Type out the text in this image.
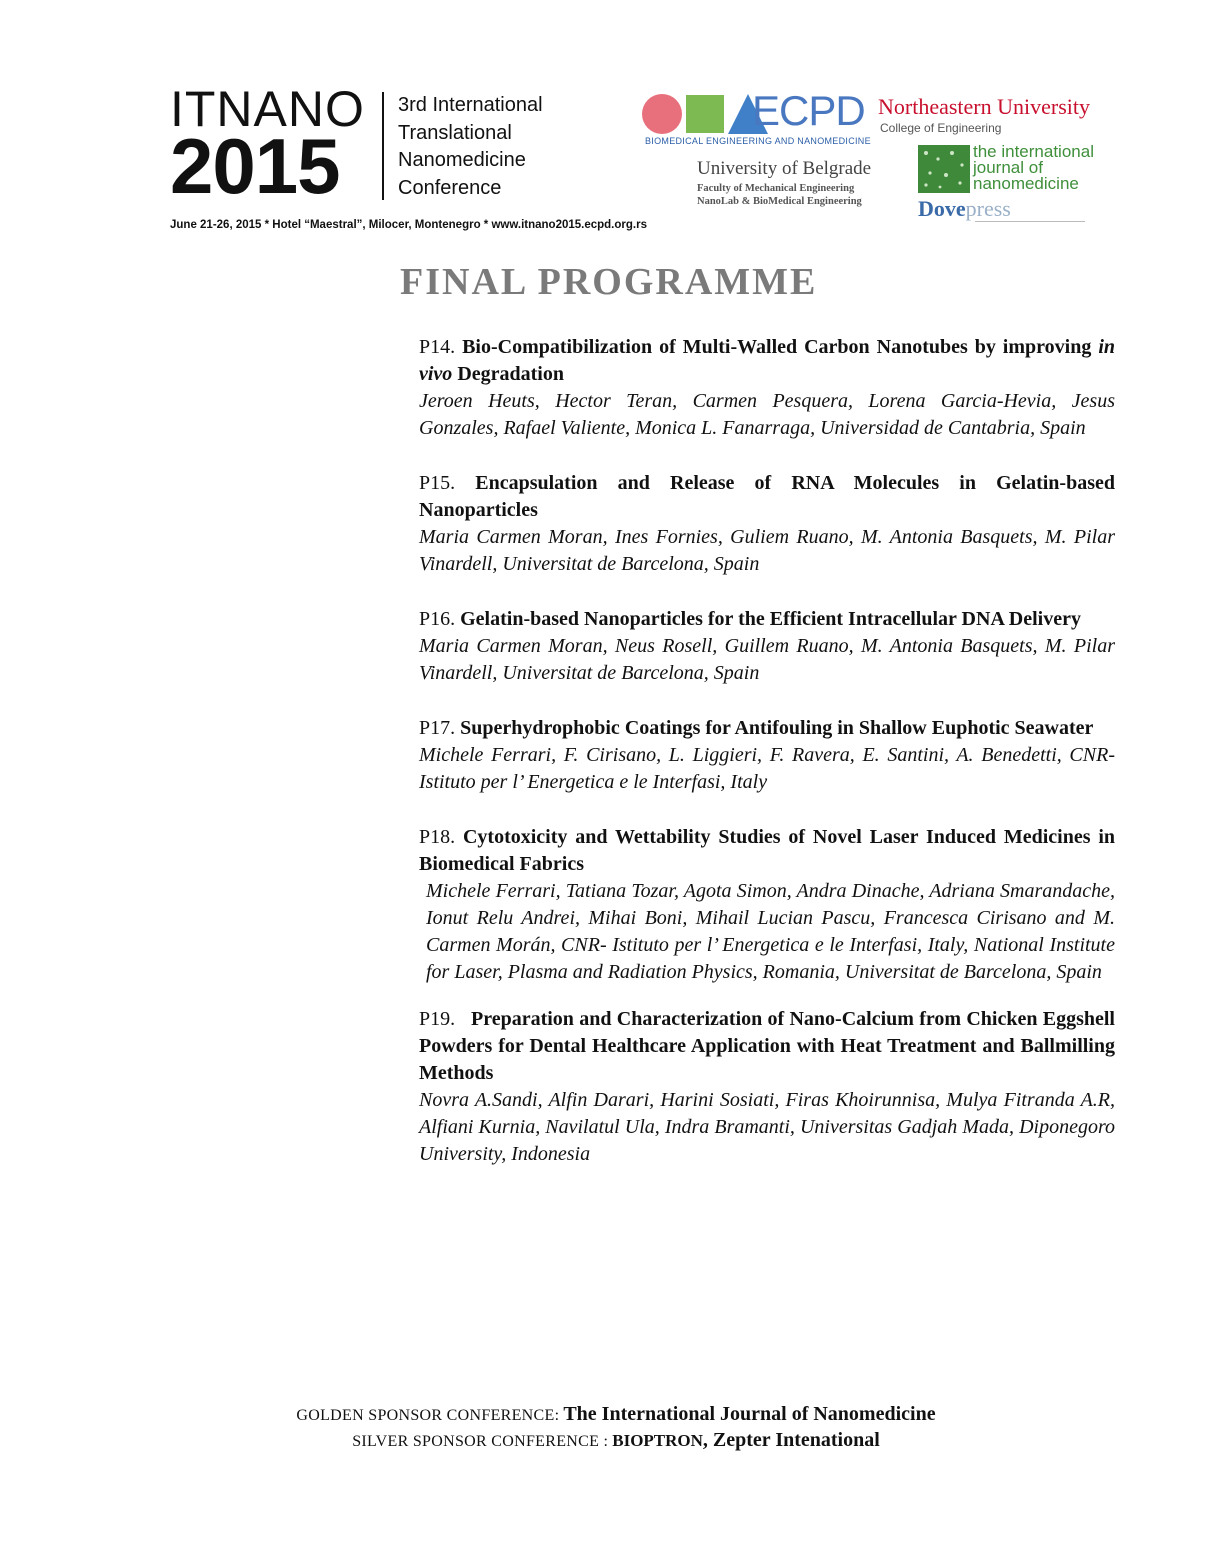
ITNANO
2015
3rd International
Translational
Nanomedicine
Conference
June 21-26, 2015 * Hotel “Maestral”, Milocer, Montenegro * www.itnano2015.ecpd.org.rs
ECPD
BIOMEDICAL ENGINEERING AND NANOMEDICINE
University of Belgrade
Faculty of Mechanical Engineering
NanoLab & BioMedical Engineering
Northeastern University
College of Engineering
the international
journal of
nanomedicine
Dovepress
FINAL PROGRAMME
P14. Bio-Compatibilization of Multi-Walled Carbon Nanotubes by improving in vivo Degradation
Jeroen Heuts, Hector Teran, Carmen Pesquera, Lorena Garcia-Hevia, Jesus Gonzales, Rafael Valiente, Monica L. Fanarraga, Universidad de Cantabria, Spain
P15. Encapsulation and Release of RNA Molecules in Gelatin-based Nanoparticles
Maria Carmen Moran, Ines Fornies, Guliem Ruano, M. Antonia Basquets, M. Pilar Vinardell, Universitat de Barcelona, Spain
P16. Gelatin-based Nanoparticles for the Efficient Intracellular DNA Delivery
Maria Carmen Moran, Neus Rosell, Guillem Ruano, M. Antonia Basquets, M. Pilar Vinardell, Universitat de Barcelona, Spain
P17. Superhydrophobic Coatings for Antifouling in Shallow Euphotic Seawater
Michele Ferrari, F. Cirisano, L. Liggieri, F. Ravera, E. Santini, A. Benedetti, CNR- Istituto per l’ Energetica e le Interfasi, Italy
P18. Cytotoxicity and Wettability Studies of Novel Laser Induced Medicines in Biomedical Fabrics
Michele Ferrari, Tatiana Tozar, Agota Simon, Andra Dinache, Adriana Smarandache, Ionut Relu Andrei, Mihai Boni, Mihail Lucian Pascu, Francesca Cirisano and M. Carmen Morán, CNR- Istituto per l’ Energetica e le Interfasi, Italy, National Institute for Laser, Plasma and Radiation Physics, Romania, Universitat de Barcelona, Spain
P19. Preparation and Characterization of Nano-Calcium from Chicken Eggshell Powders for Dental Healthcare Application with Heat Treatment and Ballmilling Methods
Novra A.Sandi, Alfin Darari, Harini Sosiati, Firas Khoirunnisa, Mulya Fitranda A.R, Alfiani Kurnia, Navilatul Ula, Indra Bramanti, Universitas Gadjah Mada, Diponegoro University, Indonesia
GOLDEN SPONSOR CONFERENCE: The International Journal of Nanomedicine
SILVER SPONSOR CONFERENCE : BIOPTRON, Zepter Intenational
